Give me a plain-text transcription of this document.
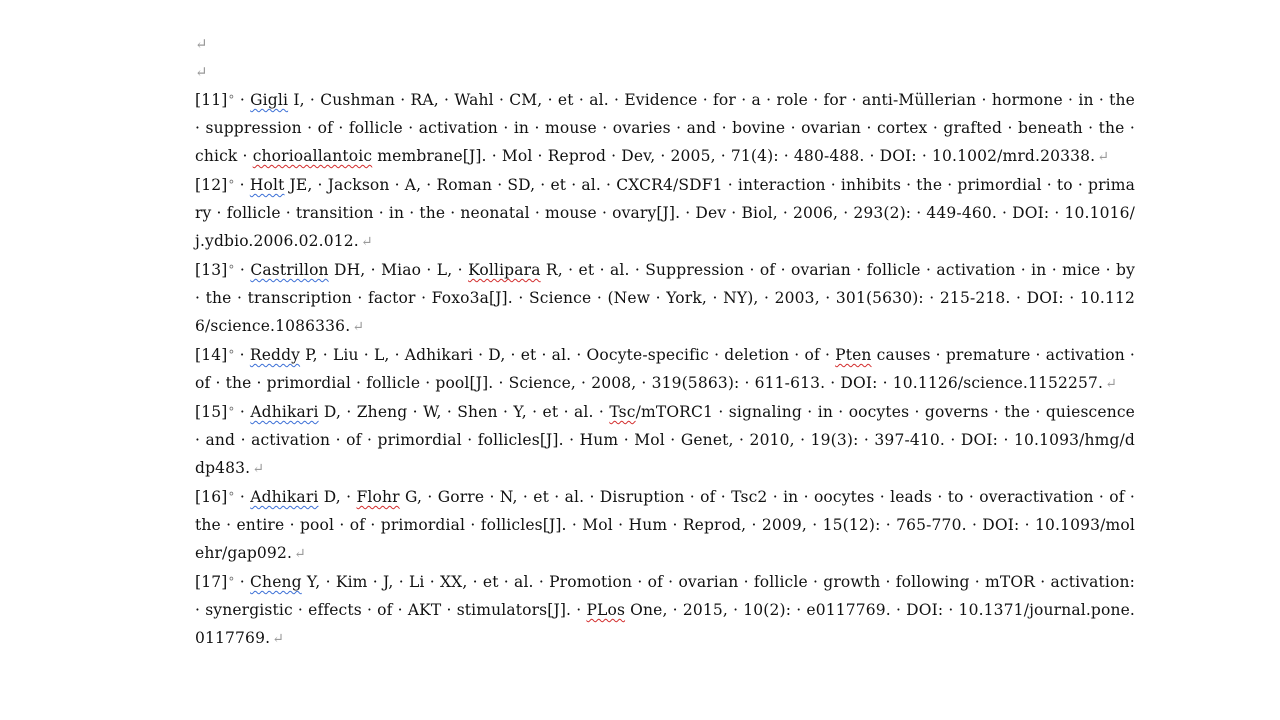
↵
↵
[11]° · Gigli I, · Cushman · RA, · Wahl · CM, · et · al. · Evidence · for · a · role · for · anti-Müllerian · hormone · in · the · suppression · of · follicle · activation · in · mouse · ovaries · and · bovine · ovarian · cortex · grafted · beneath · the · chick · chorioallantoic membrane[J]. · Mol · Reprod · Dev, · 2005, · 71(4): · 480-488. · DOI: · 10.1002/mrd.20338. ↵
[12]° · Holt JE, · Jackson · A, · Roman · SD, · et · al. · CXCR4/SDF1 · interaction · inhibits · the · primordial · to · primary · follicle · transition · in · the · neonatal · mouse · ovary[J]. · Dev · Biol, · 2006, · 293(2): · 449-460. · DOI: · 10.1016/j.ydbio.2006.02.012. ↵
[13]° · Castrillon DH, · Miao · L, · Kollipara R, · et · al. · Suppression · of · ovarian · follicle · activation · in · mice · by · the · transcription · factor · Foxo3a[J]. · Science · (New · York, · NY), · 2003, · 301(5630): · 215-218. · DOI: · 10.1126/science.1086336. ↵
[14]° · Reddy P, · Liu · L, · Adhikari · D, · et · al. · Oocyte-specific · deletion · of · Pten causes · premature · activation · of · the · primordial · follicle · pool[J]. · Science, · 2008, · 319(5863): · 611-613. · DOI: · 10.1126/science.1152257. ↵
[15]° · Adhikari D, · Zheng · W, · Shen · Y, · et · al. · Tsc/mTORC1 · signaling · in · oocytes · governs · the · quiescence · and · activation · of · primordial · follicles[J]. · Hum · Mol · Genet, · 2010, · 19(3): · 397-410. · DOI: · 10.1093/hmg/ddp483. ↵
[16]° · Adhikari D, · Flohr G, · Gorre · N, · et · al. · Disruption · of · Tsc2 · in · oocytes · leads · to · overactivation · of · the · entire · pool · of · primordial · follicles[J]. · Mol · Hum · Reprod, · 2009, · 15(12): · 765-770. · DOI: · 10.1093/molehr/gap092. ↵
[17]° · Cheng Y, · Kim · J, · Li · XX, · et · al. · Promotion · of · ovarian · follicle · growth · following · mTOR · activation: · synergistic · effects · of · AKT · stimulators[J]. · PLos One, · 2015, · 10(2): · e0117769. · DOI: · 10.1371/journal.pone.0117769. ↵
